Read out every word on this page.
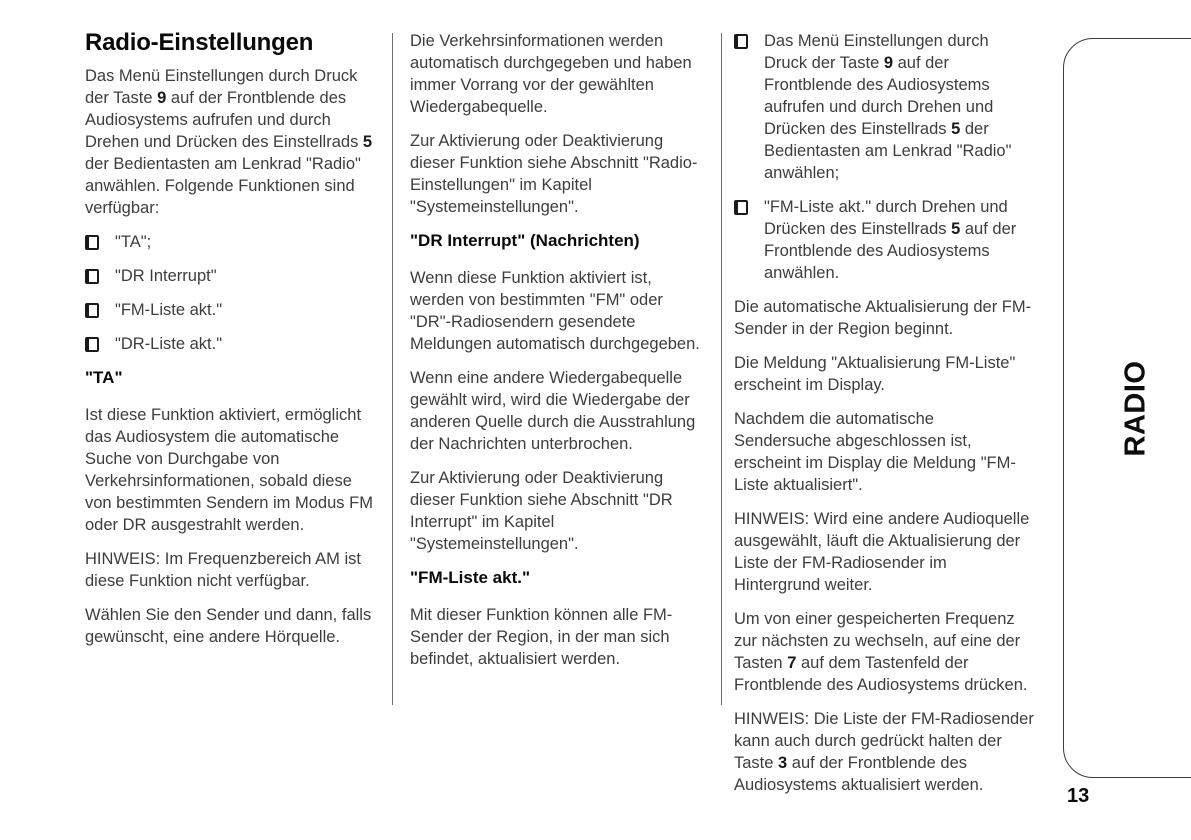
Radio-Einstellungen

Das Menü Einstellungen durch Druck der Taste 9 auf der Frontblende des Audiosystems aufrufen und durch Drehen und Drücken des Einstellrads 5 der Bedientasten am Lenkrad "Radio" anwählen. Folgende Funktionen sind verfügbar:

"TA";
"DR Interrupt"
"FM-Liste akt."
"DR-Liste akt."
"TA"

Ist diese Funktion aktiviert, ermöglicht das Audiosystem die automatische Suche von Durchgabe von Verkehrsinformationen, sobald diese von bestimmten Sendern im Modus FM oder DR ausgestrahlt werden.

HINWEIS: Im Frequenzbereich AM ist diese Funktion nicht verfügbar.

Wählen Sie den Sender und dann, falls gewünscht, eine andere Hörquelle.

Die Verkehrsinformationen werden automatisch durchgegeben und haben immer Vorrang vor der gewählten Wiedergabequelle.

Zur Aktivierung oder Deaktivierung dieser Funktion siehe Abschnitt "Radio-Einstellungen" im Kapitel "Systemeinstellungen".

"DR Interrupt" (Nachrichten)

Wenn diese Funktion aktiviert ist, werden von bestimmten "FM" oder "DR"-Radiosendern gesendete Meldungen automatisch durchgegeben.

Wenn eine andere Wiedergabequelle gewählt wird, wird die Wiedergabe der anderen Quelle durch die Ausstrahlung der Nachrichten unterbrochen.

Zur Aktivierung oder Deaktivierung dieser Funktion siehe Abschnitt "DR Interrupt" im Kapitel "Systemeinstellungen".

"FM-Liste akt."

Mit dieser Funktion können alle FM-Sender der Region, in der man sich befindet, aktualisiert werden.

Das Menü Einstellungen durch Druck der Taste 9 auf der Frontblende des Audiosystems aufrufen und durch Drehen und Drücken des Einstellrads 5 der Bedientasten am Lenkrad "Radio" anwählen;
"FM-Liste akt." durch Drehen und Drücken des Einstellrads 5 auf der Frontblende des Audiosystems anwählen.

Die automatische Aktualisierung der FM-Sender in der Region beginnt.

Die Meldung "Aktualisierung FM-Liste" erscheint im Display.

Nachdem die automatische Sendersuche abgeschlossen ist, erscheint im Display die Meldung "FM-Liste aktualisiert".

HINWEIS: Wird eine andere Audioquelle ausgewählt, läuft die Aktualisierung der Liste der FM-Radiosender im Hintergrund weiter.

Um von einer gespeicherten Frequenz zur nächsten zu wechseln, auf eine der Tasten 7 auf dem Tastenfeld der Frontblende des Audiosystems drücken.

HINWEIS: Die Liste der FM-Radiosender kann auch durch gedrückt halten der Taste 3 auf der Frontblende des Audiosystems aktualisiert werden.

RADIO
13
